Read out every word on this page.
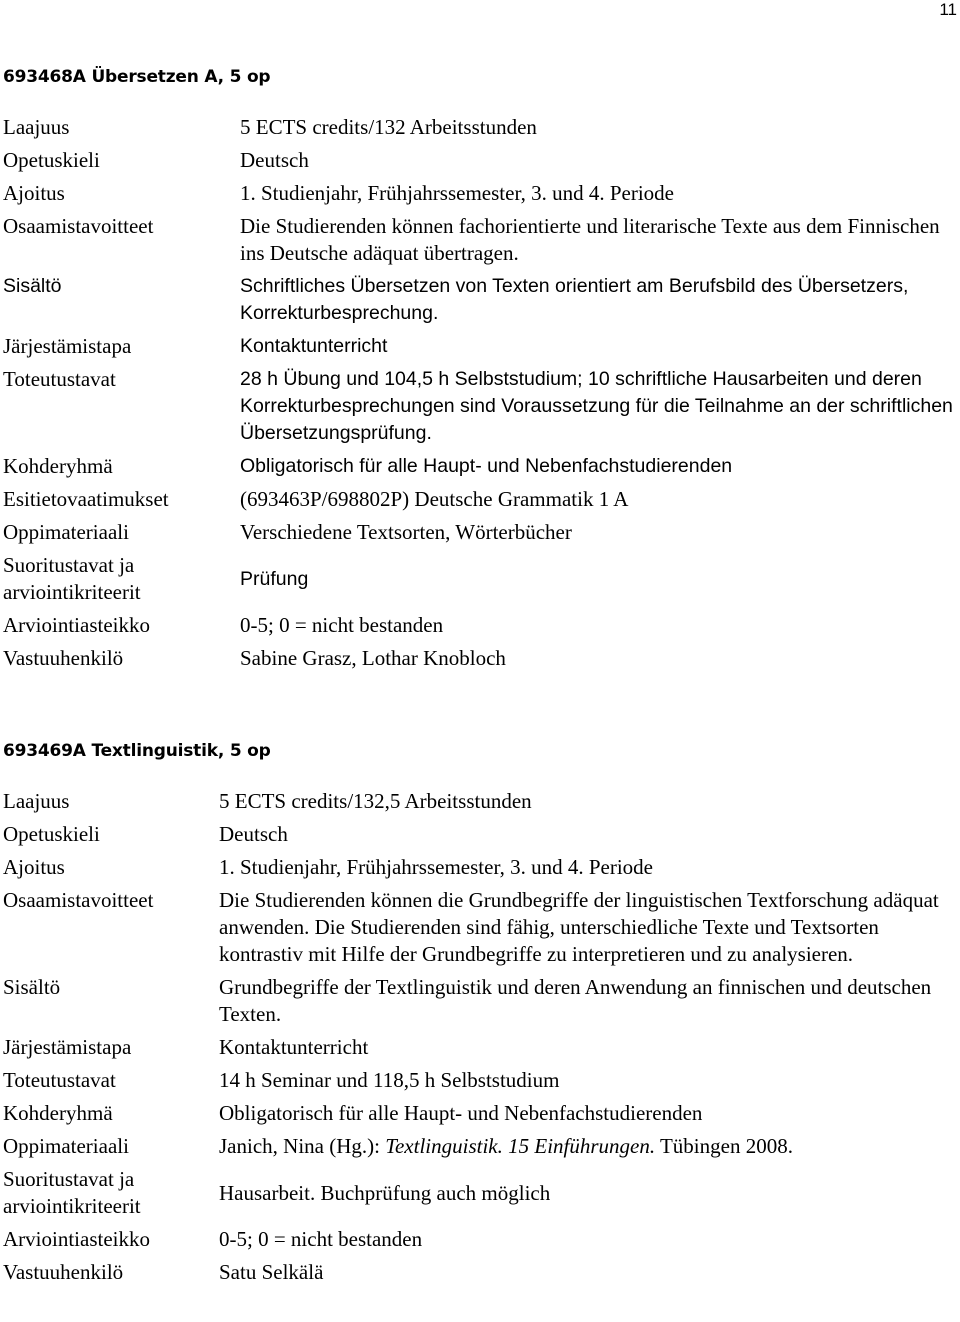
11
693468A Übersetzen A, 5 op
Laajuus	5 ECTS credits/132 Arbeitsstunden
Opetuskieli	Deutsch
Ajoitus	1. Studienjahr, Frühjahrssemester, 3. und 4. Periode
Osaamistavoitteet	Die Studierenden können fachorientierte und literarische Texte aus dem Finnischen ins Deutsche adäquat übertragen.
Sisältö	Schriftliches Übersetzen von Texten orientiert am Berufsbild des Übersetzers, Korrekturbesprechung.
Järjestämistapa	Kontaktunterricht
Toteutustavat	28 h Übung und 104,5 h Selbststudium; 10 schriftliche Hausarbeiten und deren Korrekturbesprechungen sind Voraussetzung für die Teilnahme an der schriftlichen Übersetzungsprüfung.
Kohderyhmä	Obligatorisch für alle Haupt- und Nebenfachstudierenden
Esitietovaatimukset	(693463P/698802P) Deutsche Grammatik 1 A
Oppimateriaali	Verschiedene Textsorten, Wörterbücher
Suoritustavat ja arviointikriteerit	Prüfung
Arviointiasteikko	0-5; 0 = nicht bestanden
Vastuuhenkilö	Sabine Grasz, Lothar Knobloch
693469A Textlinguistik, 5 op
Laajuus	5 ECTS credits/132,5 Arbeitsstunden
Opetuskieli	Deutsch
Ajoitus	1. Studienjahr, Frühjahrssemester, 3. und 4. Periode
Osaamistavoitteet	Die Studierenden können die Grundbegriffe der linguistischen Textforschung adäquat anwenden. Die Studierenden sind fähig, unterschiedliche Texte und Textsorten kontrastiv mit Hilfe der Grundbegriffe zu interpretieren und zu analysieren.
Sisältö	Grundbegriffe der Textlinguistik und deren Anwendung an finnischen und deutschen Texten.
Järjestämistapa	Kontaktunterricht
Toteutustavat	14 h Seminar und 118,5 h Selbststudium
Kohderyhmä	Obligatorisch für alle Haupt- und Nebenfachstudierenden
Oppimateriaali	Janich, Nina (Hg.): Textlinguistik. 15 Einführungen. Tübingen 2008.
Suoritustavat ja arviointikriteerit	Hausarbeit. Buchprüfung auch möglich
Arviointiasteikko	0-5; 0 = nicht bestanden
Vastuuhenkilö	Satu Selkälä
